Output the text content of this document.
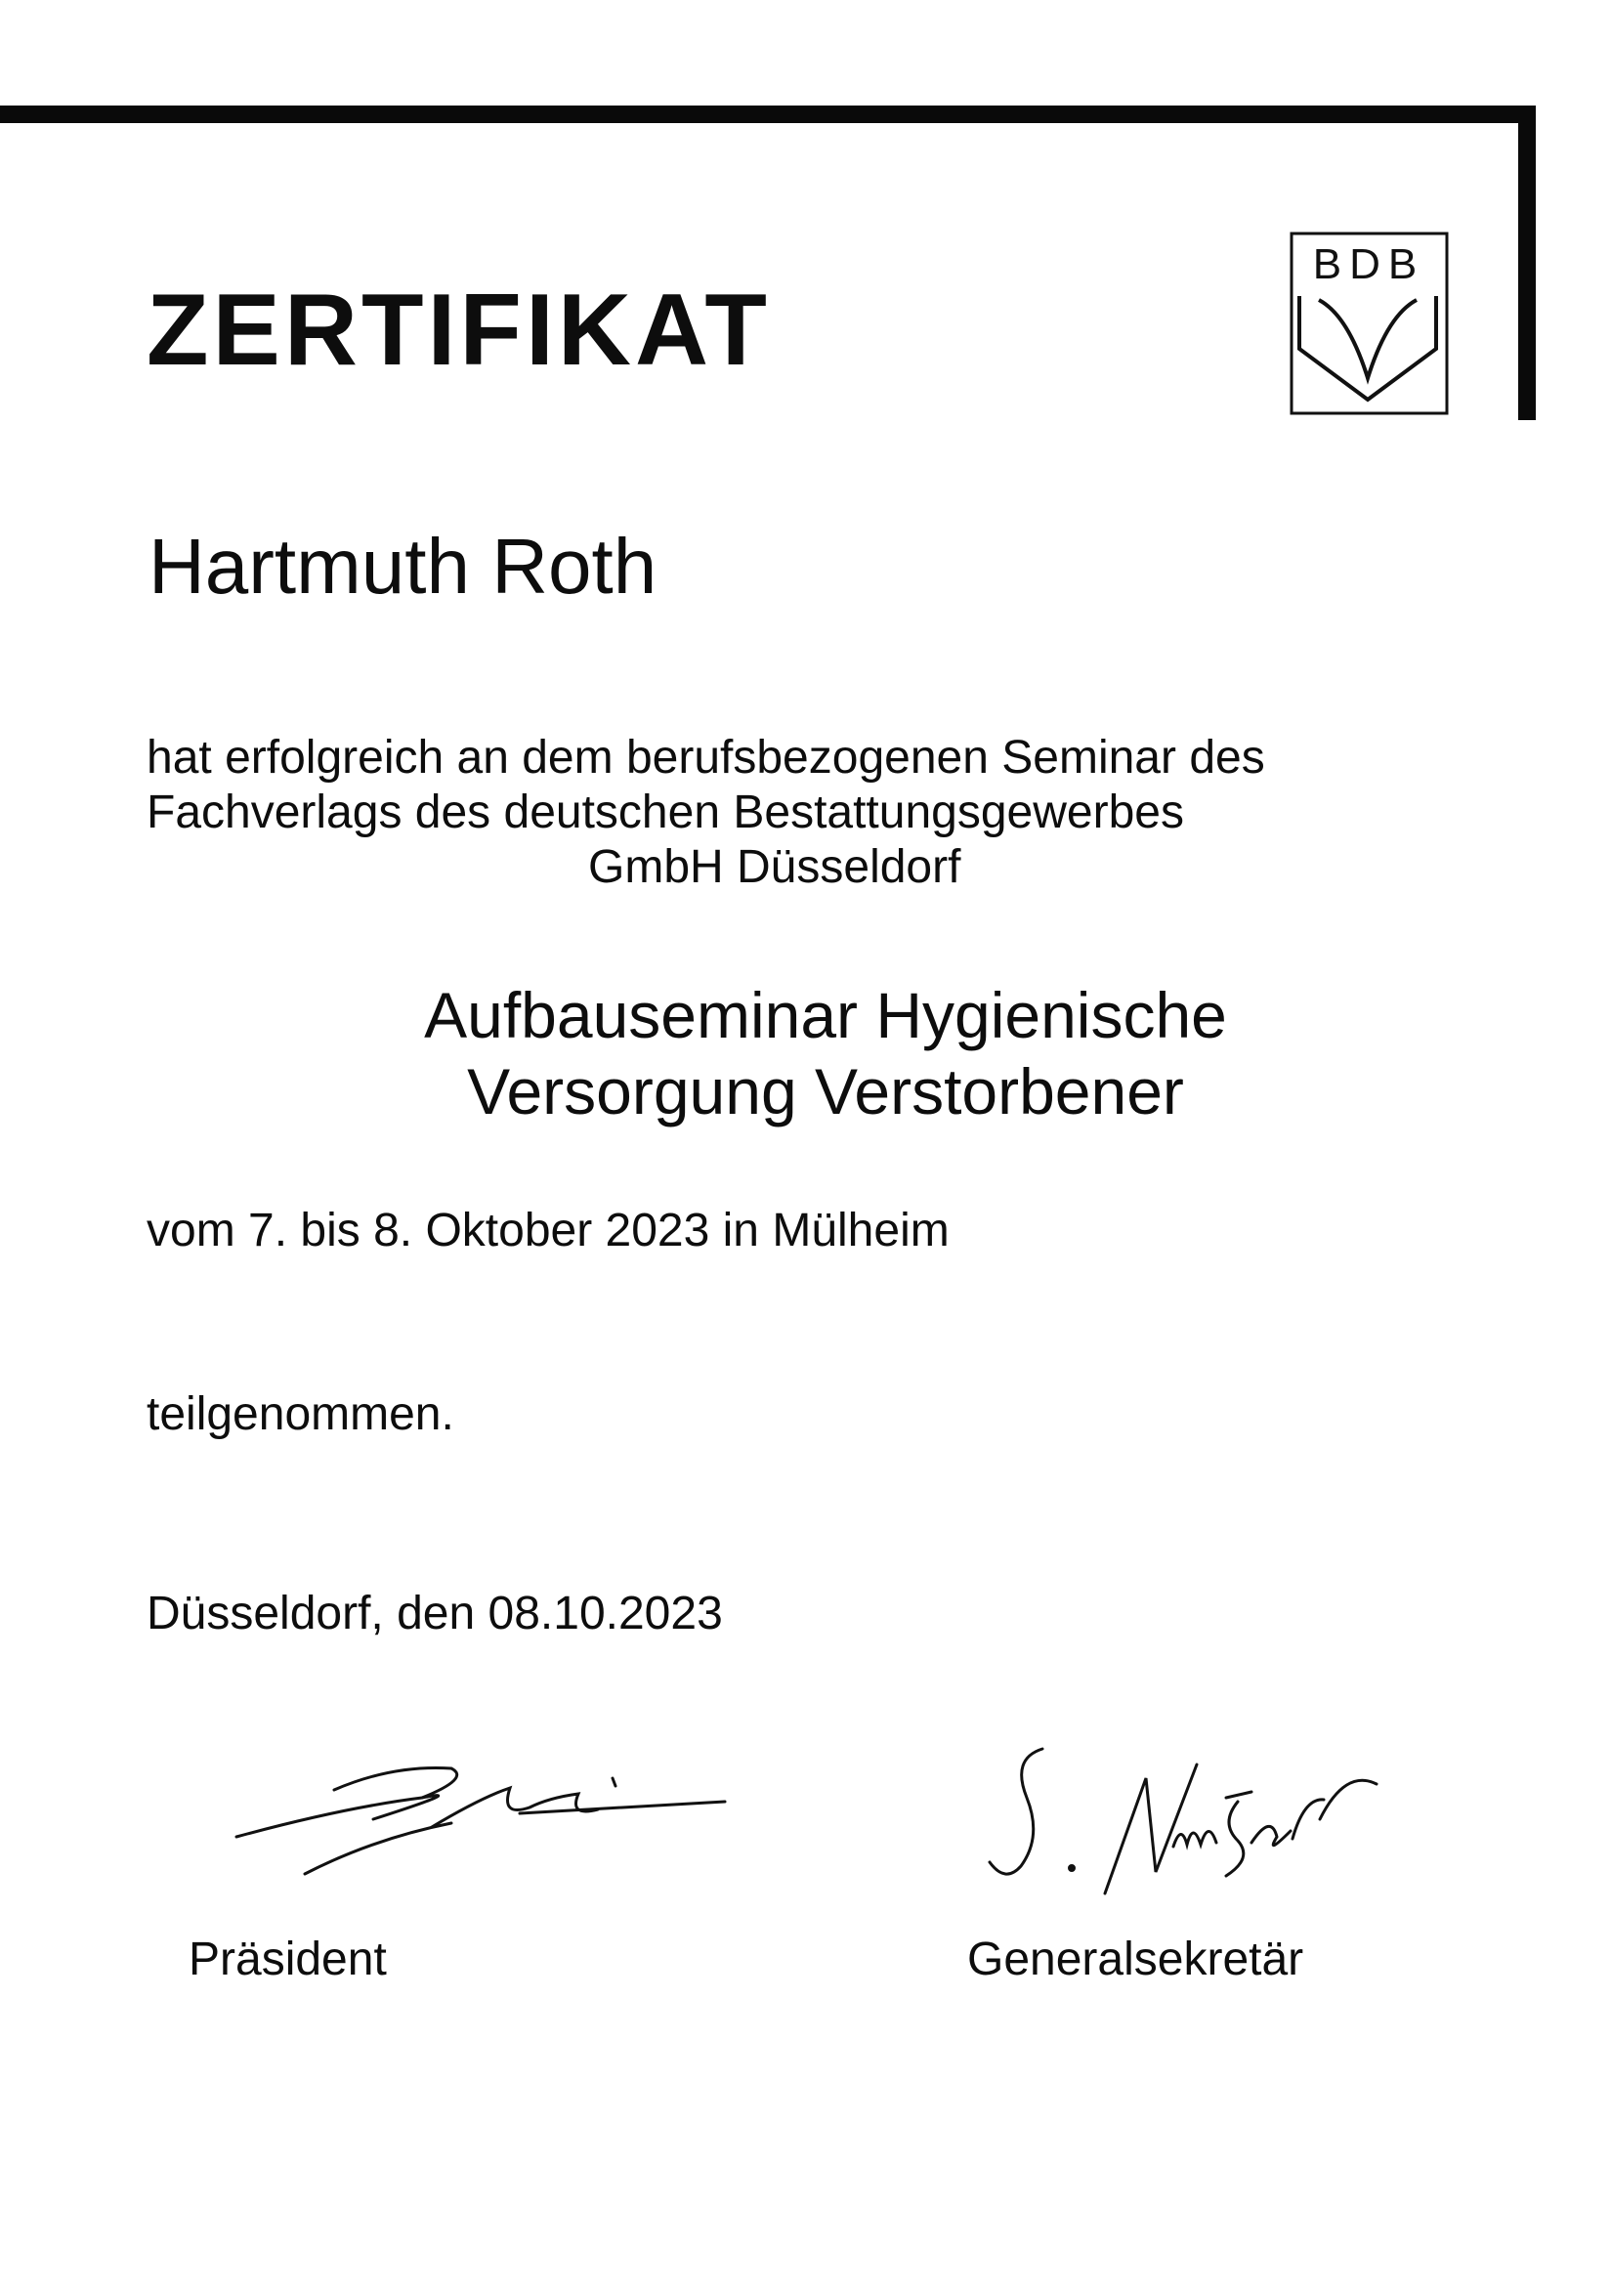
BDB
ZERTIFIKAT
Hartmuth Roth
hat erfolgreich an dem berufsbezogenen Seminar des
Fachverlags des deutschen Bestattungsgewerbes
GmbH Düsseldorf
Aufbauseminar Hygienische
Versorgung Verstorbener
vom 7. bis 8. Oktober 2023 in Mülheim
teilgenommen.
Düsseldorf, den 08.10.2023
Präsident	Generalsekretär
